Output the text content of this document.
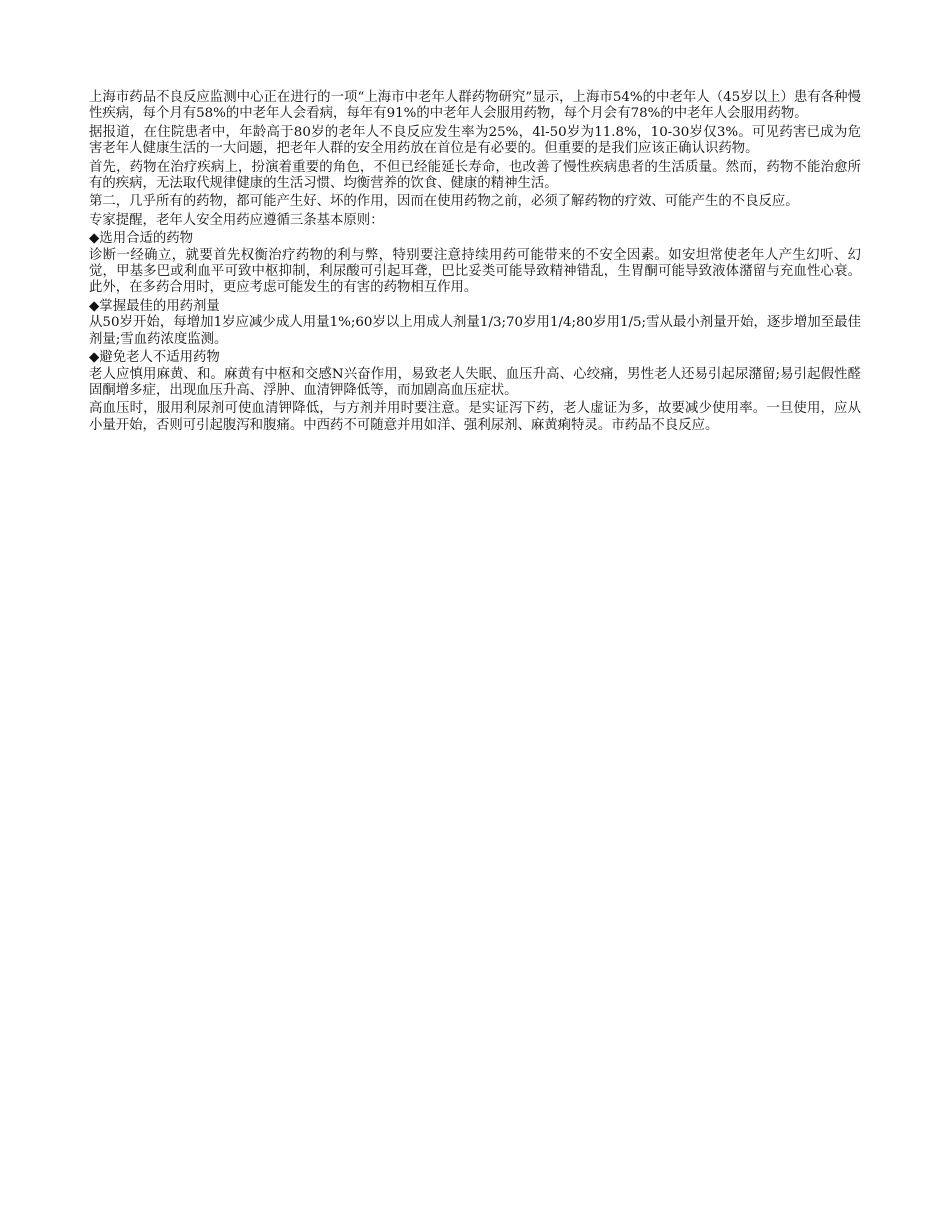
上海市药品不良反应监测中心正在进行的一项“上海市中老年人群药物研究”显示，上海市54%的中老年人（45岁以上）患有各种慢性疾病，每个月有58%的中老年人会看病，每年有91%的中老年人会服用药物，每个月会有78%的中老年人会服用药物。

据报道，在住院患者中，年龄高于80岁的老年人不良反应发生率为25%，4l-50岁为11.8%，10-30岁仅3%。可见药害已成为危害老年人健康生活的一大问题，把老年人群的安全用药放在首位是有必要的。但重要的是我们应该正确认识药物。

首先，药物在治疗疾病上，扮演着重要的角色，不但已经能延长寿命，也改善了慢性疾病患者的生活质量。然而，药物不能治愈所有的疾病，无法取代规律健康的生活习惯、均衡营养的饮食、健康的精神生活。

第二，几乎所有的药物，都可能产生好、坏的作用，因而在使用药物之前，必须了解药物的疗效、可能产生的不良反应。

专家提醒，老年人安全用药应遵循三条基本原则：

◆选用合适的药物

诊断一经确立，就要首先权衡治疗药物的利与弊，特别要注意持续用药可能带来的不安全因素。如安坦常使老年人产生幻听、幻觉，甲基多巴或利血平可致中枢抑制，利尿酸可引起耳聋，巴比妥类可能导致精神错乱，生胃酮可能导致液体潴留与充血性心衰。此外，在多药合用时，更应考虑可能发生的有害的药物相互作用。

◆掌握最佳的用药剂量

从50岁开始，每增加1岁应减少成人用量1%;60岁以上用成人剂量1/3;70岁用1/4;80岁用1/5;雪从最小剂量开始，逐步增加至最佳剂量;雪血药浓度监测。

◆避免老人不适用药物

老人应慎用麻黄、和。麻黄有中枢和交感Ν兴奋作用，易致老人失眠、血压升高、心绞痛，男性老人还易引起尿潴留;易引起假性醛固酮增多症，出现血压升高、浮肿、血清钾降低等，而加剧高血压症状。

高血压时，服用利尿剂可使血清钾降低，与方剂并用时要注意。是实证泻下药，老人虚证为多，故要减少使用率。一旦使用，应从小量开始，否则可引起腹泻和腹痛。中西药不可随意并用如洋、强利尿剂、麻黄痢特灵。市药品不良反应。
